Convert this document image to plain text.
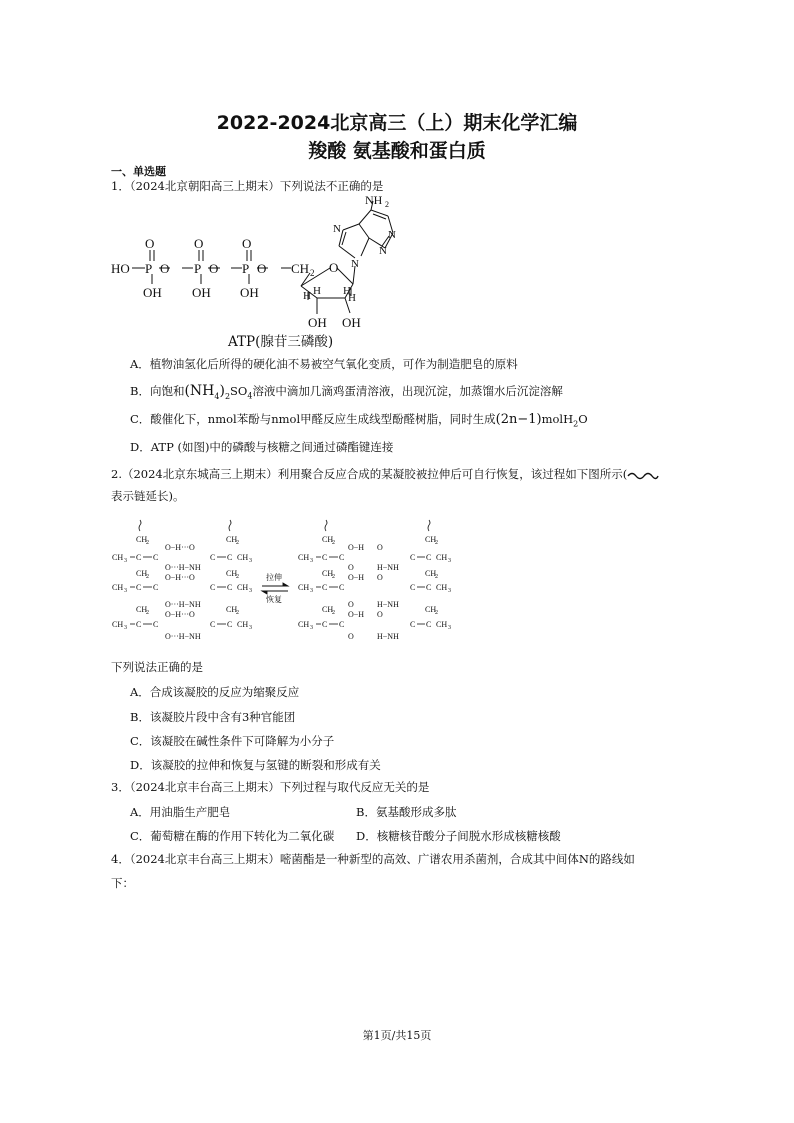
2022-2024北京高三（上）期末化学汇编
羧酸 氨基酸和蛋白质
一、单选题
1．（2024北京朝阳高三上期末）下列说法不正确的是
HO P O P O P O CH 2
O	O	O
OH OH OH
O
H	H
H H
OH OH
N
N	N
N
NH 2
ATP(腺苷三磷酸)
A．植物油氢化后所得的硬化油不易被空气氧化变质，可作为制造肥皂的原料
B．向饱和$(NH_4)_2SO_4$溶液中滴加几滴鸡蛋清溶液，出现沉淀，加蒸馏水后沉淀溶解
C．酸催化下，nmol苯酚与nmol甲醛反应生成线型酚醛树脂，同时生成(2n−1)molH$_2$O
D．ATP (如图)中的磷酸与核糖之间通过磷酯键连接
2.（2024北京东城高三上期末）利用聚合反应合成的某凝胶被拉伸后可自行恢复，该过程如下图所示(
表示链延长)。
CH 3
CH 3
CH 3
C
C
C
C
C
C
CH
2
CH
2
CH
2
O−H···O
O···H−NH
O−H···O
O···H−NH
O−H···O
O···H−NH
C
C
C
C
C
C
CH 3
CH 3
CH 3
CH
2
CH
2
CH
2
CH 3
CH 3
CH 3
C
C
C
C
C
C
CH
2
CH
2
CH
2
O−H
O−H
O−H
O
O
O
O
O
O
H−NH
H−NH
H−NH
C
C
C
C
C
C
CH 3
CH 3
CH 3
CH
2
CH
2
CH
2
拉伸
恢复
下列说法正确的是
A．合成该凝胶的反应为缩聚反应
B．该凝胶片段中含有3种官能团
C．该凝胶在碱性条件下可降解为小分子
D．该凝胶的拉伸和恢复与氢键的断裂和形成有关
3．（2024北京丰台高三上期末）下列过程与取代反应无关的是
A．用油脂生产肥皂	B．氨基酸形成多肽
C．葡萄糖在酶的作用下转化为二氧化碳 D．核糖核苷酸分子间脱水形成核糖核酸
4．（2024北京丰台高三上期末）嘧菌酯是一种新型的高效、广谱农用杀菌剂，合成其中间体N的路线如
下：
第1页/共15页
